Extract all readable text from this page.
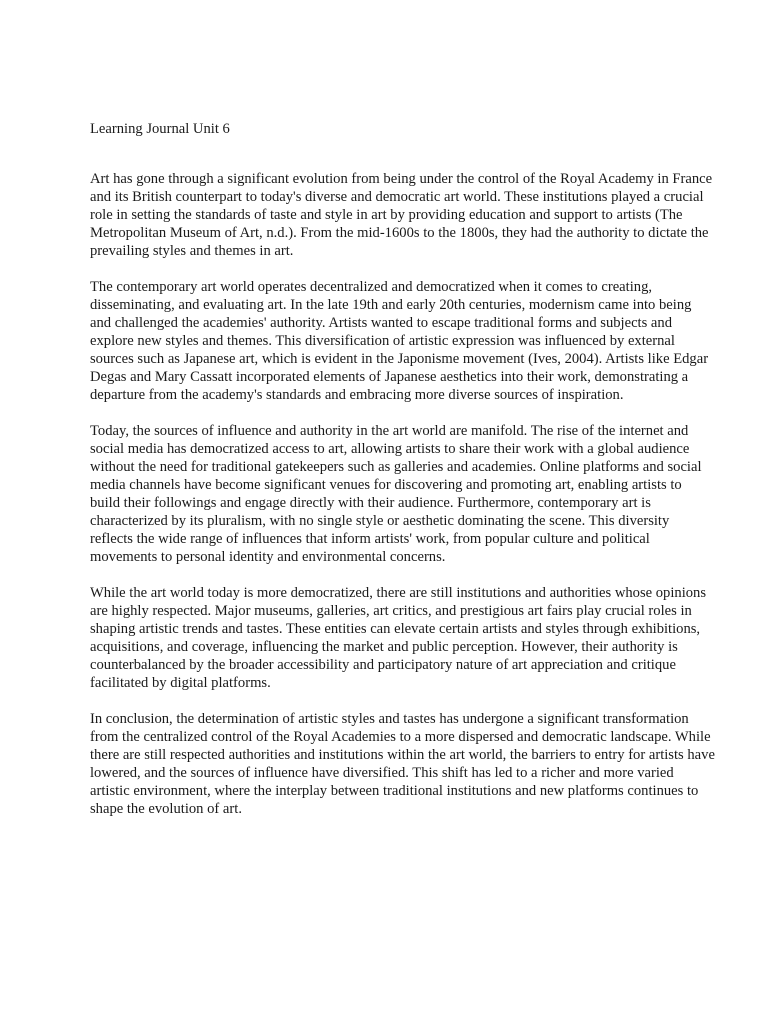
Learning Journal Unit 6

Art has gone through a significant evolution from being under the control of the Royal Academy in France and its British counterpart to today's diverse and democratic art world. These institutions played a crucial role in setting the standards of taste and style in art by providing education and support to artists (The Metropolitan Museum of Art, n.d.). From the mid-1600s to the 1800s, they had the authority to dictate the prevailing styles and themes in art.

The contemporary art world operates decentralized and democratized when it comes to creating, disseminating, and evaluating art. In the late 19th and early 20th centuries, modernism came into being and challenged the academies' authority. Artists wanted to escape traditional forms and subjects and explore new styles and themes. This diversification of artistic expression was influenced by external sources such as Japanese art, which is evident in the Japonisme movement (Ives, 2004). Artists like Edgar Degas and Mary Cassatt incorporated elements of Japanese aesthetics into their work, demonstrating a departure from the academy's standards and embracing more diverse sources of inspiration.

Today, the sources of influence and authority in the art world are manifold. The rise of the internet and social media has democratized access to art, allowing artists to share their work with a global audience without the need for traditional gatekeepers such as galleries and academies. Online platforms and social media channels have become significant venues for discovering and promoting art, enabling artists to build their followings and engage directly with their audience. Furthermore, contemporary art is characterized by its pluralism, with no single style or aesthetic dominating the scene. This diversity reflects the wide range of influences that inform artists' work, from popular culture and political movements to personal identity and environmental concerns.

While the art world today is more democratized, there are still institutions and authorities whose opinions are highly respected. Major museums, galleries, art critics, and prestigious art fairs play crucial roles in shaping artistic trends and tastes. These entities can elevate certain artists and styles through exhibitions, acquisitions, and coverage, influencing the market and public perception. However, their authority is counterbalanced by the broader accessibility and participatory nature of art appreciation and critique facilitated by digital platforms.

In conclusion, the determination of artistic styles and tastes has undergone a significant transformation from the centralized control of the Royal Academies to a more dispersed and democratic landscape. While there are still respected authorities and institutions within the art world, the barriers to entry for artists have lowered, and the sources of influence have diversified. This shift has led to a richer and more varied artistic environment, where the interplay between traditional institutions and new platforms continues to shape the evolution of art.
